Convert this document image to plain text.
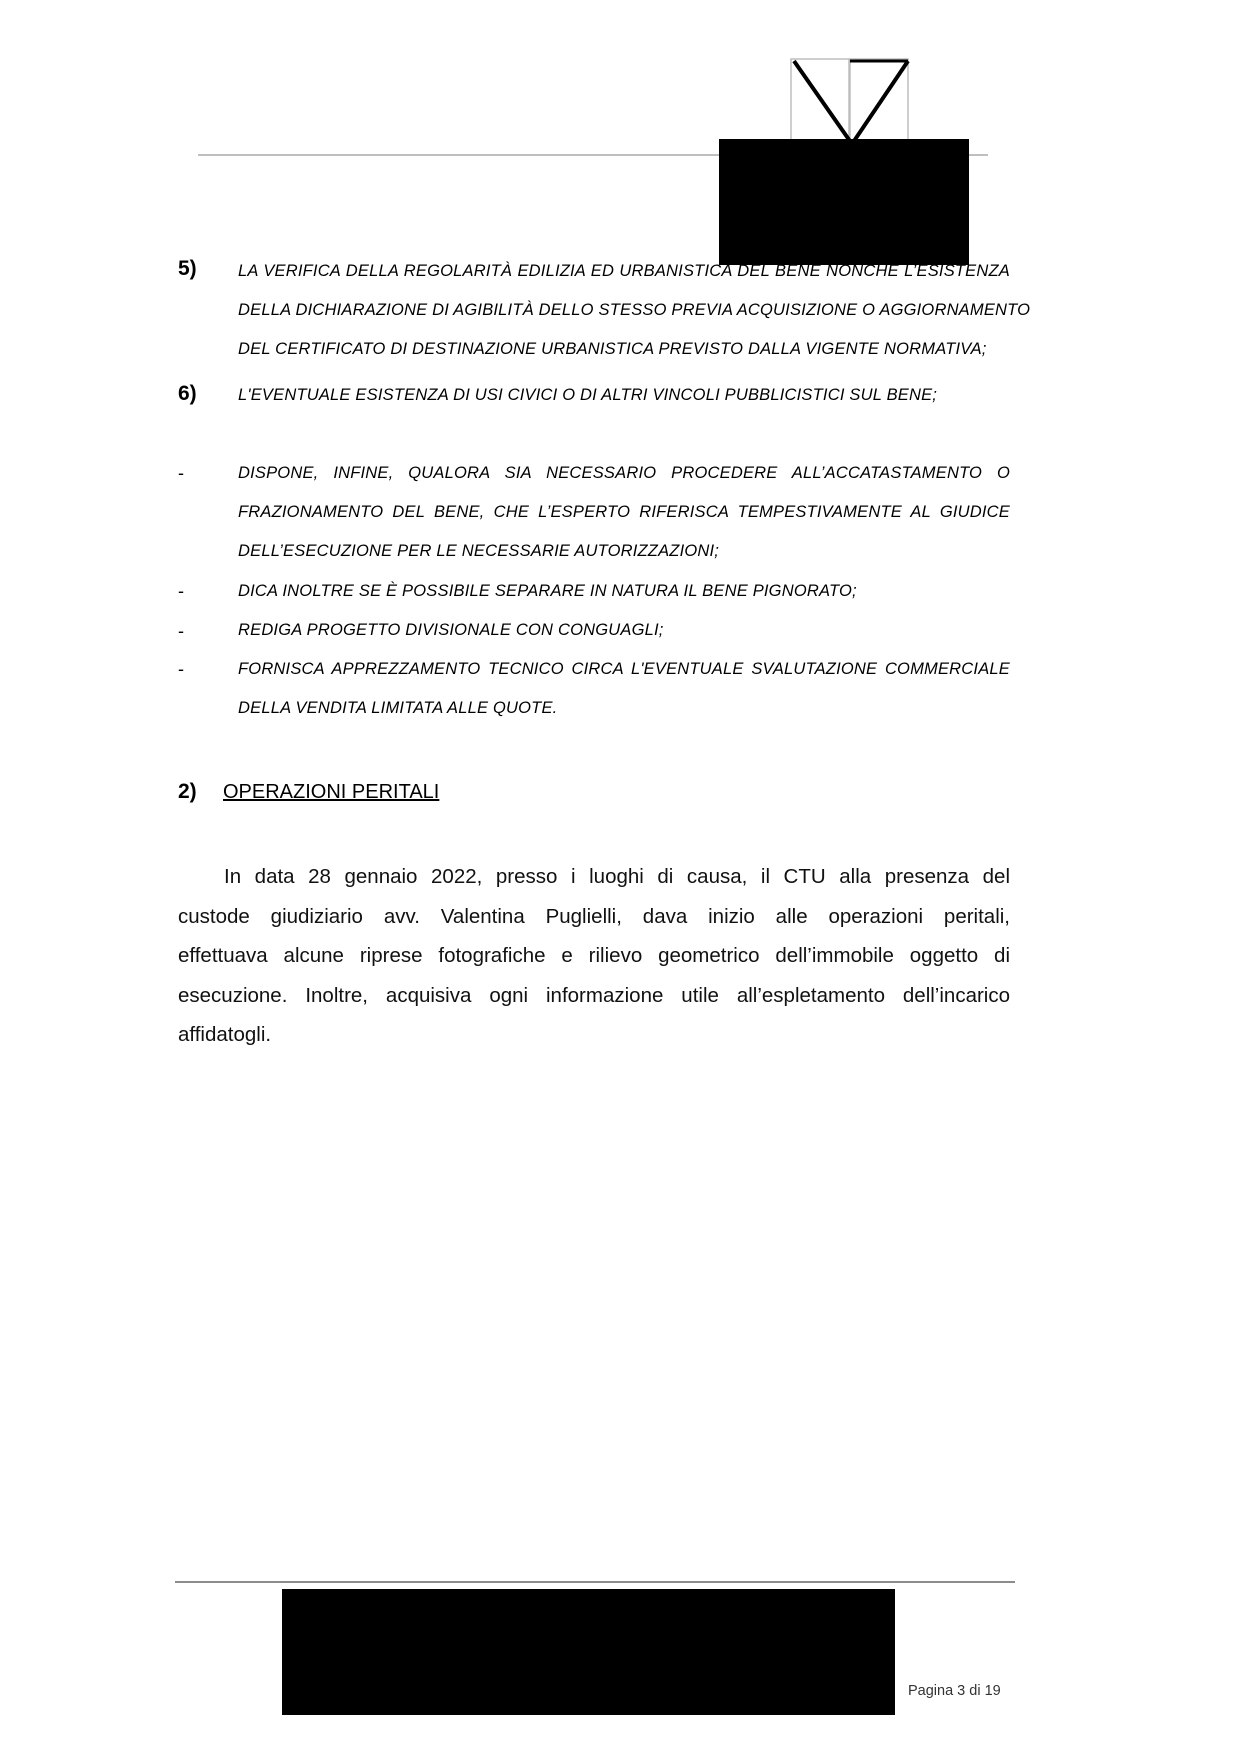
5)	LA VERIFICA DELLA REGOLARITÀ EDILIZIA ED URBANISTICA DEL BENE NONCHÈ L’ESISTENZA
DELLA DICHIARAZIONE DI AGIBILITÀ DELLO STESSO PREVIA ACQUISIZIONE O AGGIORNAMENTO
DEL CERTIFICATO DI DESTINAZIONE URBANISTICA PREVISTO DALLA VIGENTE NORMATIVA;
6)	L'EVENTUALE ESISTENZA DI USI CIVICI O DI ALTRI VINCOLI PUBBLICISTICI SUL BENE;
-	DISPONE, INFINE, QUALORA SIA NECESSARIO PROCEDERE ALL’ACCATASTAMENTO O
FRAZIONAMENTO DEL BENE, CHE L’ESPERTO RIFERISCA TEMPESTIVAMENTE AL GIUDICE
DELL’ESECUZIONE PER LE NECESSARIE AUTORIZZAZIONI;
-	DICA INOLTRE SE È POSSIBILE SEPARARE IN NATURA IL BENE PIGNORATO;
-	REDIGA PROGETTO DIVISIONALE CON CONGUAGLI;
-	FORNISCA APPREZZAMENTO TECNICO CIRCA L'EVENTUALE SVALUTAZIONE COMMERCIALE
DELLA VENDITA LIMITATA ALLE QUOTE.
2) OPERAZIONI PERITALI
In data 28 gennaio 2022, presso i luoghi di causa, il CTU alla presenza del
custode giudiziario avv. Valentina Puglielli, dava inizio alle operazioni peritali,
effettuava alcune riprese fotografiche e rilievo geometrico dell’immobile oggetto di
esecuzione. Inoltre, acquisiva ogni informazione utile all’espletamento dell’incarico
affidatogli.
Pagina 3 di 19
